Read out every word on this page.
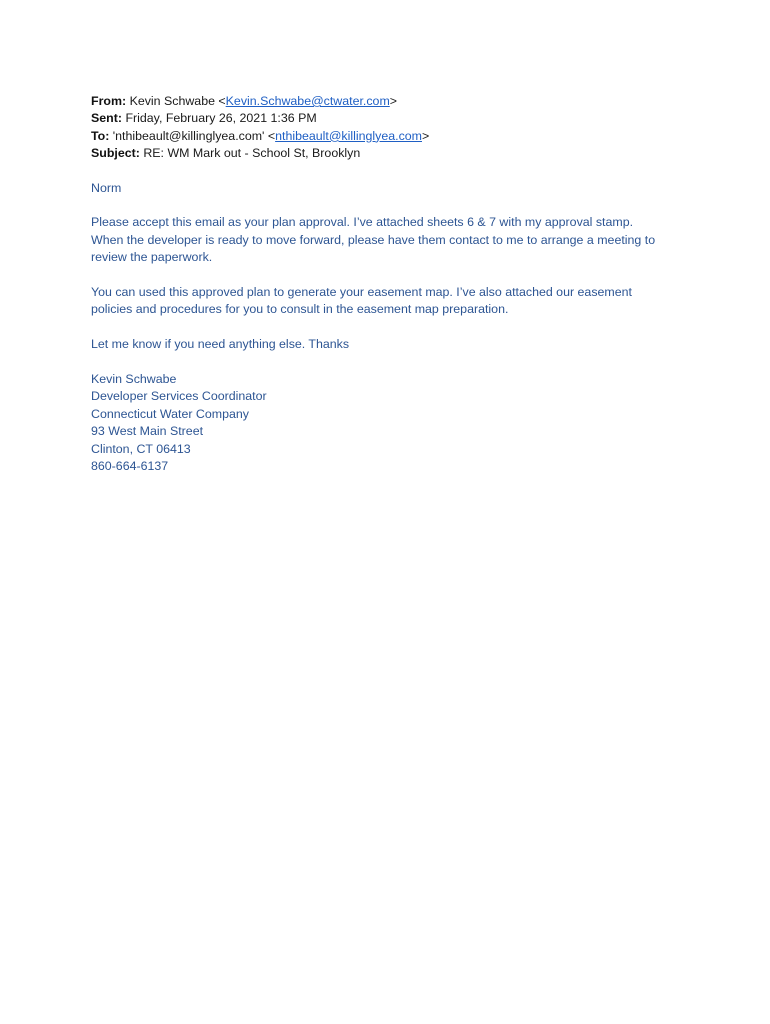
From: Kevin Schwabe <Kevin.Schwabe@ctwater.com>
Sent: Friday, February 26, 2021 1:36 PM
To: 'nthibeault@killinglyea.com' <nthibeault@killinglyea.com>
Subject: RE: WM Mark out - School St, Brooklyn

Norm

Please accept this email as your plan approval. I’ve attached sheets 6 & 7 with my approval stamp.
When the developer is ready to move forward, please have them contact to me to arrange a meeting to
review the paperwork.

You can used this approved plan to generate your easement map. I’ve also attached our easement
policies and procedures for you to consult in the easement map preparation.

Let me know if you need anything else. Thanks

Kevin Schwabe
Developer Services Coordinator
Connecticut Water Company
93 West Main Street
Clinton, CT 06413
860-664-6137
